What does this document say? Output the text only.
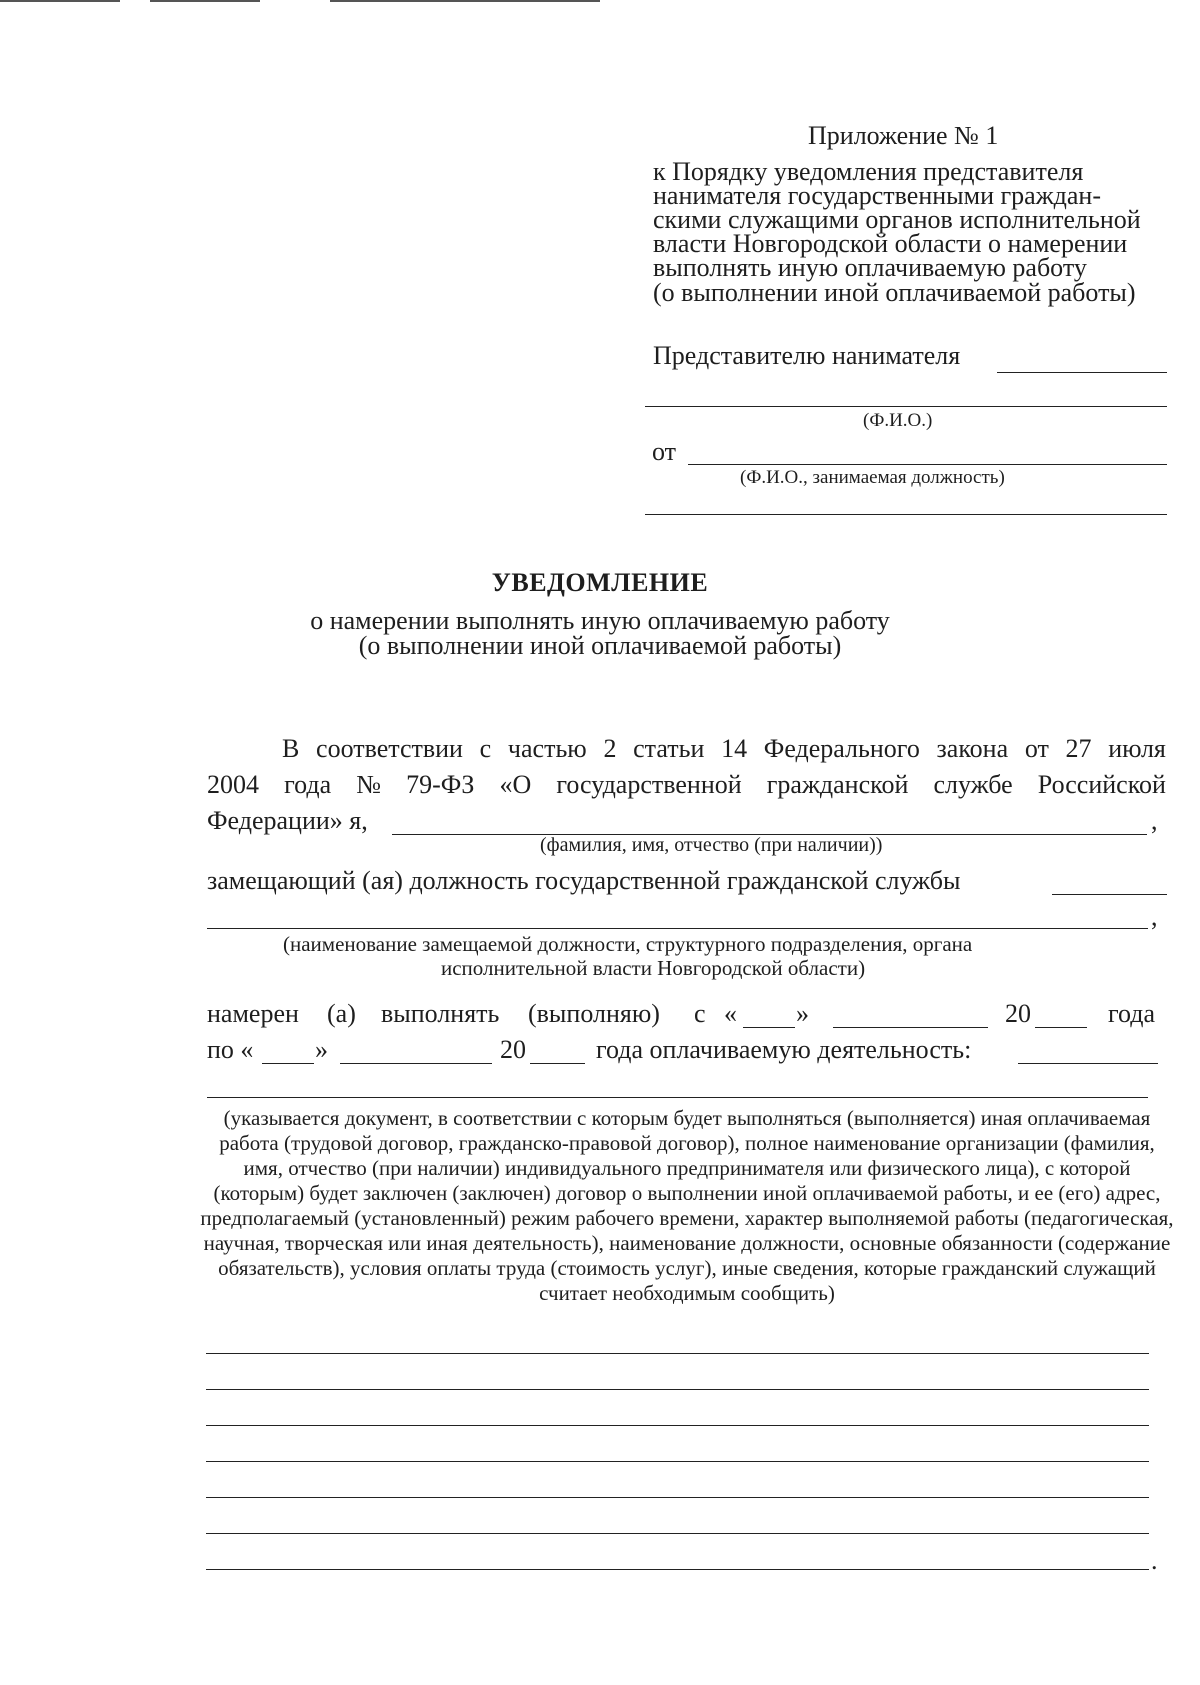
Приложение № 1
к Порядку уведомления представителя
нанимателя государственными граждан-
скими служащими органов исполнительной
власти Новгородской области о намерении
выполнять иную оплачиваемую работу
(о выполнении иной оплачиваемой работы)
Представителю нанимателя
(Ф.И.О.)
от
(Ф.И.О., занимаемая должность)
УВЕДОМЛЕНИЕ
о намерении выполнять иную оплачиваемую работу
(о выполнении иной оплачиваемой работы)
В соответствии с частью 2 статьи 14 Федерального закона от 27 июля
2004 года № 79-ФЗ «О государственной гражданской службе Российской
Федерации» я,	,
(фамилия, имя, отчество (при наличии))
замещающий (ая) должность государственной гражданской службы
,
(наименование замещаемой должности, структурного подразделения, органа
исполнительной власти Новгородской области)
намерен (а) выполнять (выполняю) с « »	20	года
по « »	20	года оплачиваемую деятельность:
(указывается документ, в соответствии с которым будет выполняться (выполняется) иная оплачиваемая работа (трудовой договор, гражданско-правовой договор), полное наименование организации (фамилия, имя, отчество (при наличии) индивидуального предпринимателя или физического лица), с которой (которым) будет заключен (заключен) договор о выполнении иной оплачиваемой работы, и ее (его) адрес, предполагаемый (установленный) режим рабочего времени, характер выполняемой работы (педагогическая, научная, творческая или иная деятельность), наименование должности, основные обязанности (содержание обязательств), условия оплаты труда (стоимость услуг), иные сведения, которые гражданский служащий считает необходимым сообщить)
.
